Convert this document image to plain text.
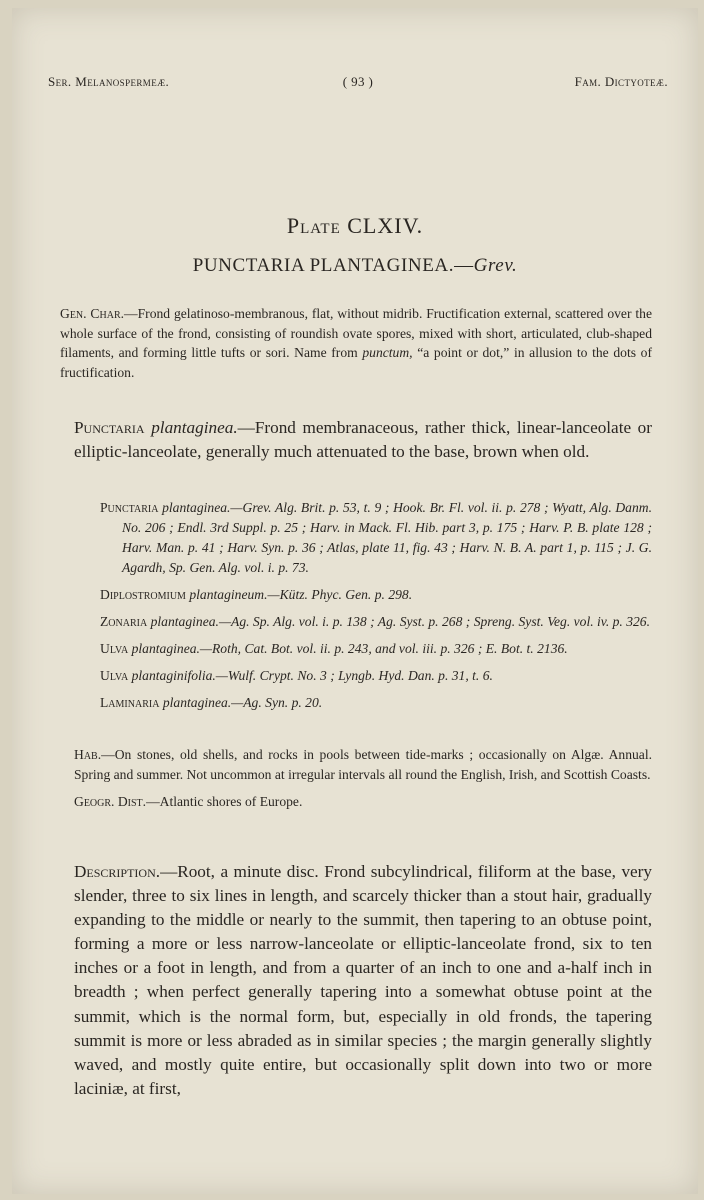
Ser. Melanospermeæ.	( 93 )	Fam. Dictyoteæ.
Plate CLXIV.
PUNCTARIA PLANTAGINEA.—Grev.
Gen. Char.—Frond gelatinoso-membranous, flat, without midrib. Fructification external, scattered over the whole surface of the frond, consisting of roundish ovate spores, mixed with short, articulated, club-shaped filaments, and forming little tufts or sori. Name from punctum, “a point or dot,” in allusion to the dots of fructification.
Punctaria plantaginea.—Frond membranaceous, rather thick, linear-lanceolate or elliptic-lanceolate, generally much attenuated to the base, brown when old.

Punctaria plantaginea.—Grev. Alg. Brit. p. 53, t. 9 ; Hook. Br. Fl. vol. ii. p. 278 ; Wyatt, Alg. Danm. No. 206 ; Endl. 3rd Suppl. p. 25 ; Harv. in Mack. Fl. Hib. part 3, p. 175 ; Harv. P. B. plate 128 ; Harv. Man. p. 41 ; Harv. Syn. p. 36 ; Atlas, plate 11, fig. 43 ; Harv. N. B. A. part 1, p. 115 ; J. G. Agardh, Sp. Gen. Alg. vol. i. p. 73.

Diplostromium plantagineum.—Kütz. Phyc. Gen. p. 298.

Zonaria plantaginea.—Ag. Sp. Alg. vol. i. p. 138 ; Ag. Syst. p. 268 ; Spreng. Syst. Veg. vol. iv. p. 326.

Ulva plantaginea.—Roth, Cat. Bot. vol. ii. p. 243, and vol. iii. p. 326 ; E. Bot. t. 2136.

Ulva plantaginifolia.—Wulf. Crypt. No. 3 ; Lyngb. Hyd. Dan. p. 31, t. 6.

Laminaria plantaginea.—Ag. Syn. p. 20.

Hab.—On stones, old shells, and rocks in pools between tide-marks ; occasionally on Algæ. Annual. Spring and summer. Not uncommon at irregular intervals all round the English, Irish, and Scottish Coasts.

Geogr. Dist.—Atlantic shores of Europe.

Description.—Root, a minute disc. Frond subcylindrical, filiform at the base, very slender, three to six lines in length, and scarcely thicker than a stout hair, gradually expanding to the middle or nearly to the summit, then tapering to an obtuse point, forming a more or less narrow-lanceolate or elliptic-lanceolate frond, six to ten inches or a foot in length, and from a quarter of an inch to one and a-half inch in breadth ; when perfect generally tapering into a somewhat obtuse point at the summit, which is the normal form, but, especially in old fronds, the tapering summit is more or less abraded as in similar species ; the margin generally slightly waved, and mostly quite entire, but occasionally split down into two or more laciniæ, at first,
